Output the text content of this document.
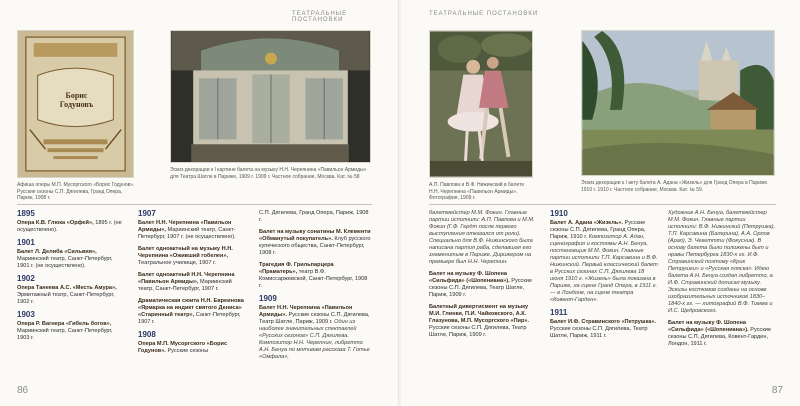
ТЕАТРАЛЬНЫЕ ПОСТАНОВКИ
Борис Годуновъ
Афиша оперы М.П. Мусоргского «Борис Годунов». Русские сезоны С.П. Дягилева, Гранд Опера, Париж, 1908 г.
Эскиз декорации к I картине балета на музыку Н.Н. Черепнина «Павильон Армиды» для Театра Шатле в Париже, 1909 г. 1909 г. Частное собрание, Москва. Кат. № 58
1895
Опера К.В. Глюка «Орфей», 1895 г. (не осуществлено).
1901
Балет Л. Делиба «Сильвия», Мариинский театр, Санкт-Петербург, 1901 г. (не осуществлено).
1902
Опера Танеева А.С. «Месть Амура», Эрмитажный театр, Санкт-Петербург, 1902 г.
1903
Опера Р. Вагнера «Гибель богов», Мариинский театр, Санкт-Петербург, 1903 г.
1907
Балет Н.Н. Черепнина «Павильон Армиды», Мариинский театр, Санкт-Петербург, 1907 г. (не осуществлено).
Балет одноактный на музыку Н.Н. Черепнина «Оживший гобелен», Театральное училище, 1907 г.
Балет одноактный Н.Н. Черепнина «Павильон Армиды», Мариинский театр, Санкт-Петербург, 1907 г.
Драматическая сюита Н.Н. Евреинова «Ярмарка на индикт святого Дениса» «Старинный театр», Санкт-Петербург, 1907 г.
1908
Опера М.П. Мусоргского «Борис Годунов». Русские сезоны
С.П. Дягилева, Гранд Опера, Париж, 1908 г.
Балет на музыку сонатины М. Клементи «Обманутый покупатель». Клуб русского купеческого общества, Санкт-Петербург, 1908 г.
Трагедия Ф. Грильпарцера «Праматерь», театр В.Ф. Комиссаржевской, Санкт-Петербург, 1908 г.
1909
Балет Н.Н. Черепнина «Павильон Армиды». Русские сезоны С.П. Дягилева, Театр Шатле, Париж, 1909 г. Один из наиболее значительных спектаклей «Русских сезонов» С.П. Дягилева. Композитор Н.Н. Черепнин, либретто А.Н. Бенуа по мотивам рассказа Т. Готье «Омфала»,
86
ТЕАТРАЛЬНЫЕ ПОСТАНОВКИ
А.П. Павлова и В.Ф. Нижинский в балете Н.Н. Черепнина «Павильон Армиды». Фотография, 1909 г.
Эскиз декорации к I акту балета А. Адана «Жизель» для Гранд Опера в Париже, 1910 г. 1910 г. Частное собрание, Москва. Кат. № 59.
балетмейстер М.М. Фокин. Главные партии исполнили: А.П. Павлова и М.М. Фокин (Г.Ф. Гердт после первого выступления отказался от роли). Специально для В.Ф. Нижинского была написана партия раба, сделавшая его знаменитым в Париже. Дирижером на премьере был Н.Н. Черепнин.
Балет на музыку Ф. Шопена «Сильфида» («Шопениана»). Русские сезоны С.П. Дягилева, Театр Шатле, Париж, 1909 г.
Балетный дивертисмент на музыку М.И. Глинки, П.И. Чайковского, А.К. Глазунова, М.П. Мусоргского «Пир». Русские сезоны С.П. Дягилева, Театр Шатле, Париж, 1909 г.
1910
Балет А. Адана «Жизель». Русские сезоны С.П. Дягилева, Гранд Опера, Париж, 1910 г. Композитор А. Адан, сценография и костюмы А.Н. Бенуа, постановщик М.М. Фокин. Главные партии исполнили Т.П. Карсавина и В.Ф. Нижинский. Первый классический балет в Русских сезонах С.П. Дягилева 18 июня 1910 г. «Жизель» была показана в Париже, на сцене Гранд Опера, в 1911 г. — в Лондоне, на сцене театра «Ковент-Гарден».
1911
Балет И.Ф. Стравинского «Петрушка». Русские сезоны С.П. Дягилева, Театр Шатле, Париж, 1911 г.
Художник А.Н. Бенуа, балетмейстер М.М. Фокин. Главные партии исполнили: В.Ф. Нижинский (Петрушка), Т.П. Карсавина (Балерина), А.А. Орлов (Арап), Э. Чекеттти (Фокусник). В основу балета были положены быт и нравы Петербурга 1830-х гг. И.Ф. Стравинский поэтому «Крик Петрушки» и «Русская пляска». Идею балета А.Н. Бенуа создал либретто, а И.Ф. Стравинский дописал музыку. Эскизы костюмов созданы на основе изобразительных источников 1830–1840-х гг. — литографий В.Ф. Тимма и И.С. Щедровского.
Балет на музыку Ф. Шопена «Сильфида» («Шопениана»). Русские сезоны С.П. Дягилева, Ковент-Гарден, Лондон, 1911 г.
87
